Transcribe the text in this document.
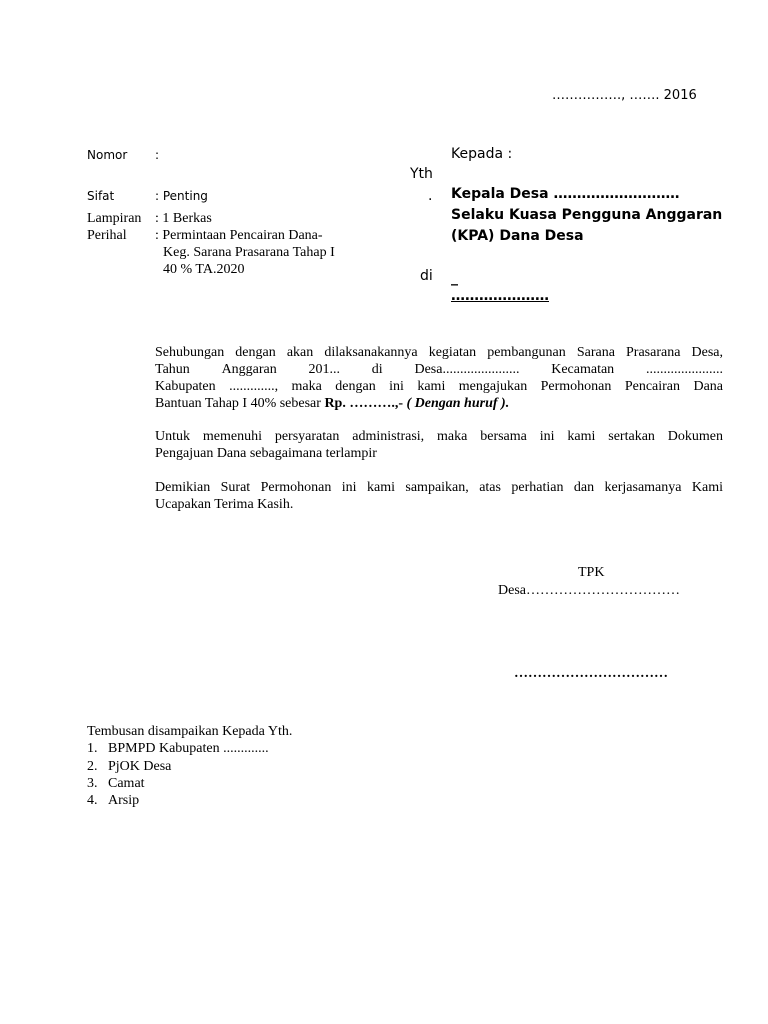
……………., ……. 2016
Nomor :
Sifat	: Penting
Lampiran : 1 Berkas
Perihal : Permintaan Pencairan Dana-
Keg. Sarana Prasarana Tahap I
40 % TA.2020
Kepada :
Yth
. Kepala Desa ………………………
Selaku Kuasa Pengguna Anggaran
(KPA) Dana Desa
di _
…………………
Sehubungan dengan akan dilaksanakannya kegiatan pembangunan Sarana Prasarana Desa,
Tahun Anggaran 201... di Desa...................... Kecamatan ......................
Kabupaten ............., maka dengan ini kami mengajukan Permohonan Pencairan Dana
Bantuan Tahap I 40% sebesar Rp. ……….,- ( Dengan huruf ).
Untuk memenuhi persyaratan administrasi, maka bersama ini kami sertakan Dokumen
Pengajuan Dana sebagaimana terlampir
Demikian Surat Permohonan ini kami sampaikan, atas perhatian dan kerjasamanya Kami
Ucapakan Terima Kasih.
TPK
Desa……………………………
……………………………
Tembusan disampaikan Kepada Yth.
1. BPMPD Kabupaten .............
2. PjOK Desa
3. Camat
4. Arsip
